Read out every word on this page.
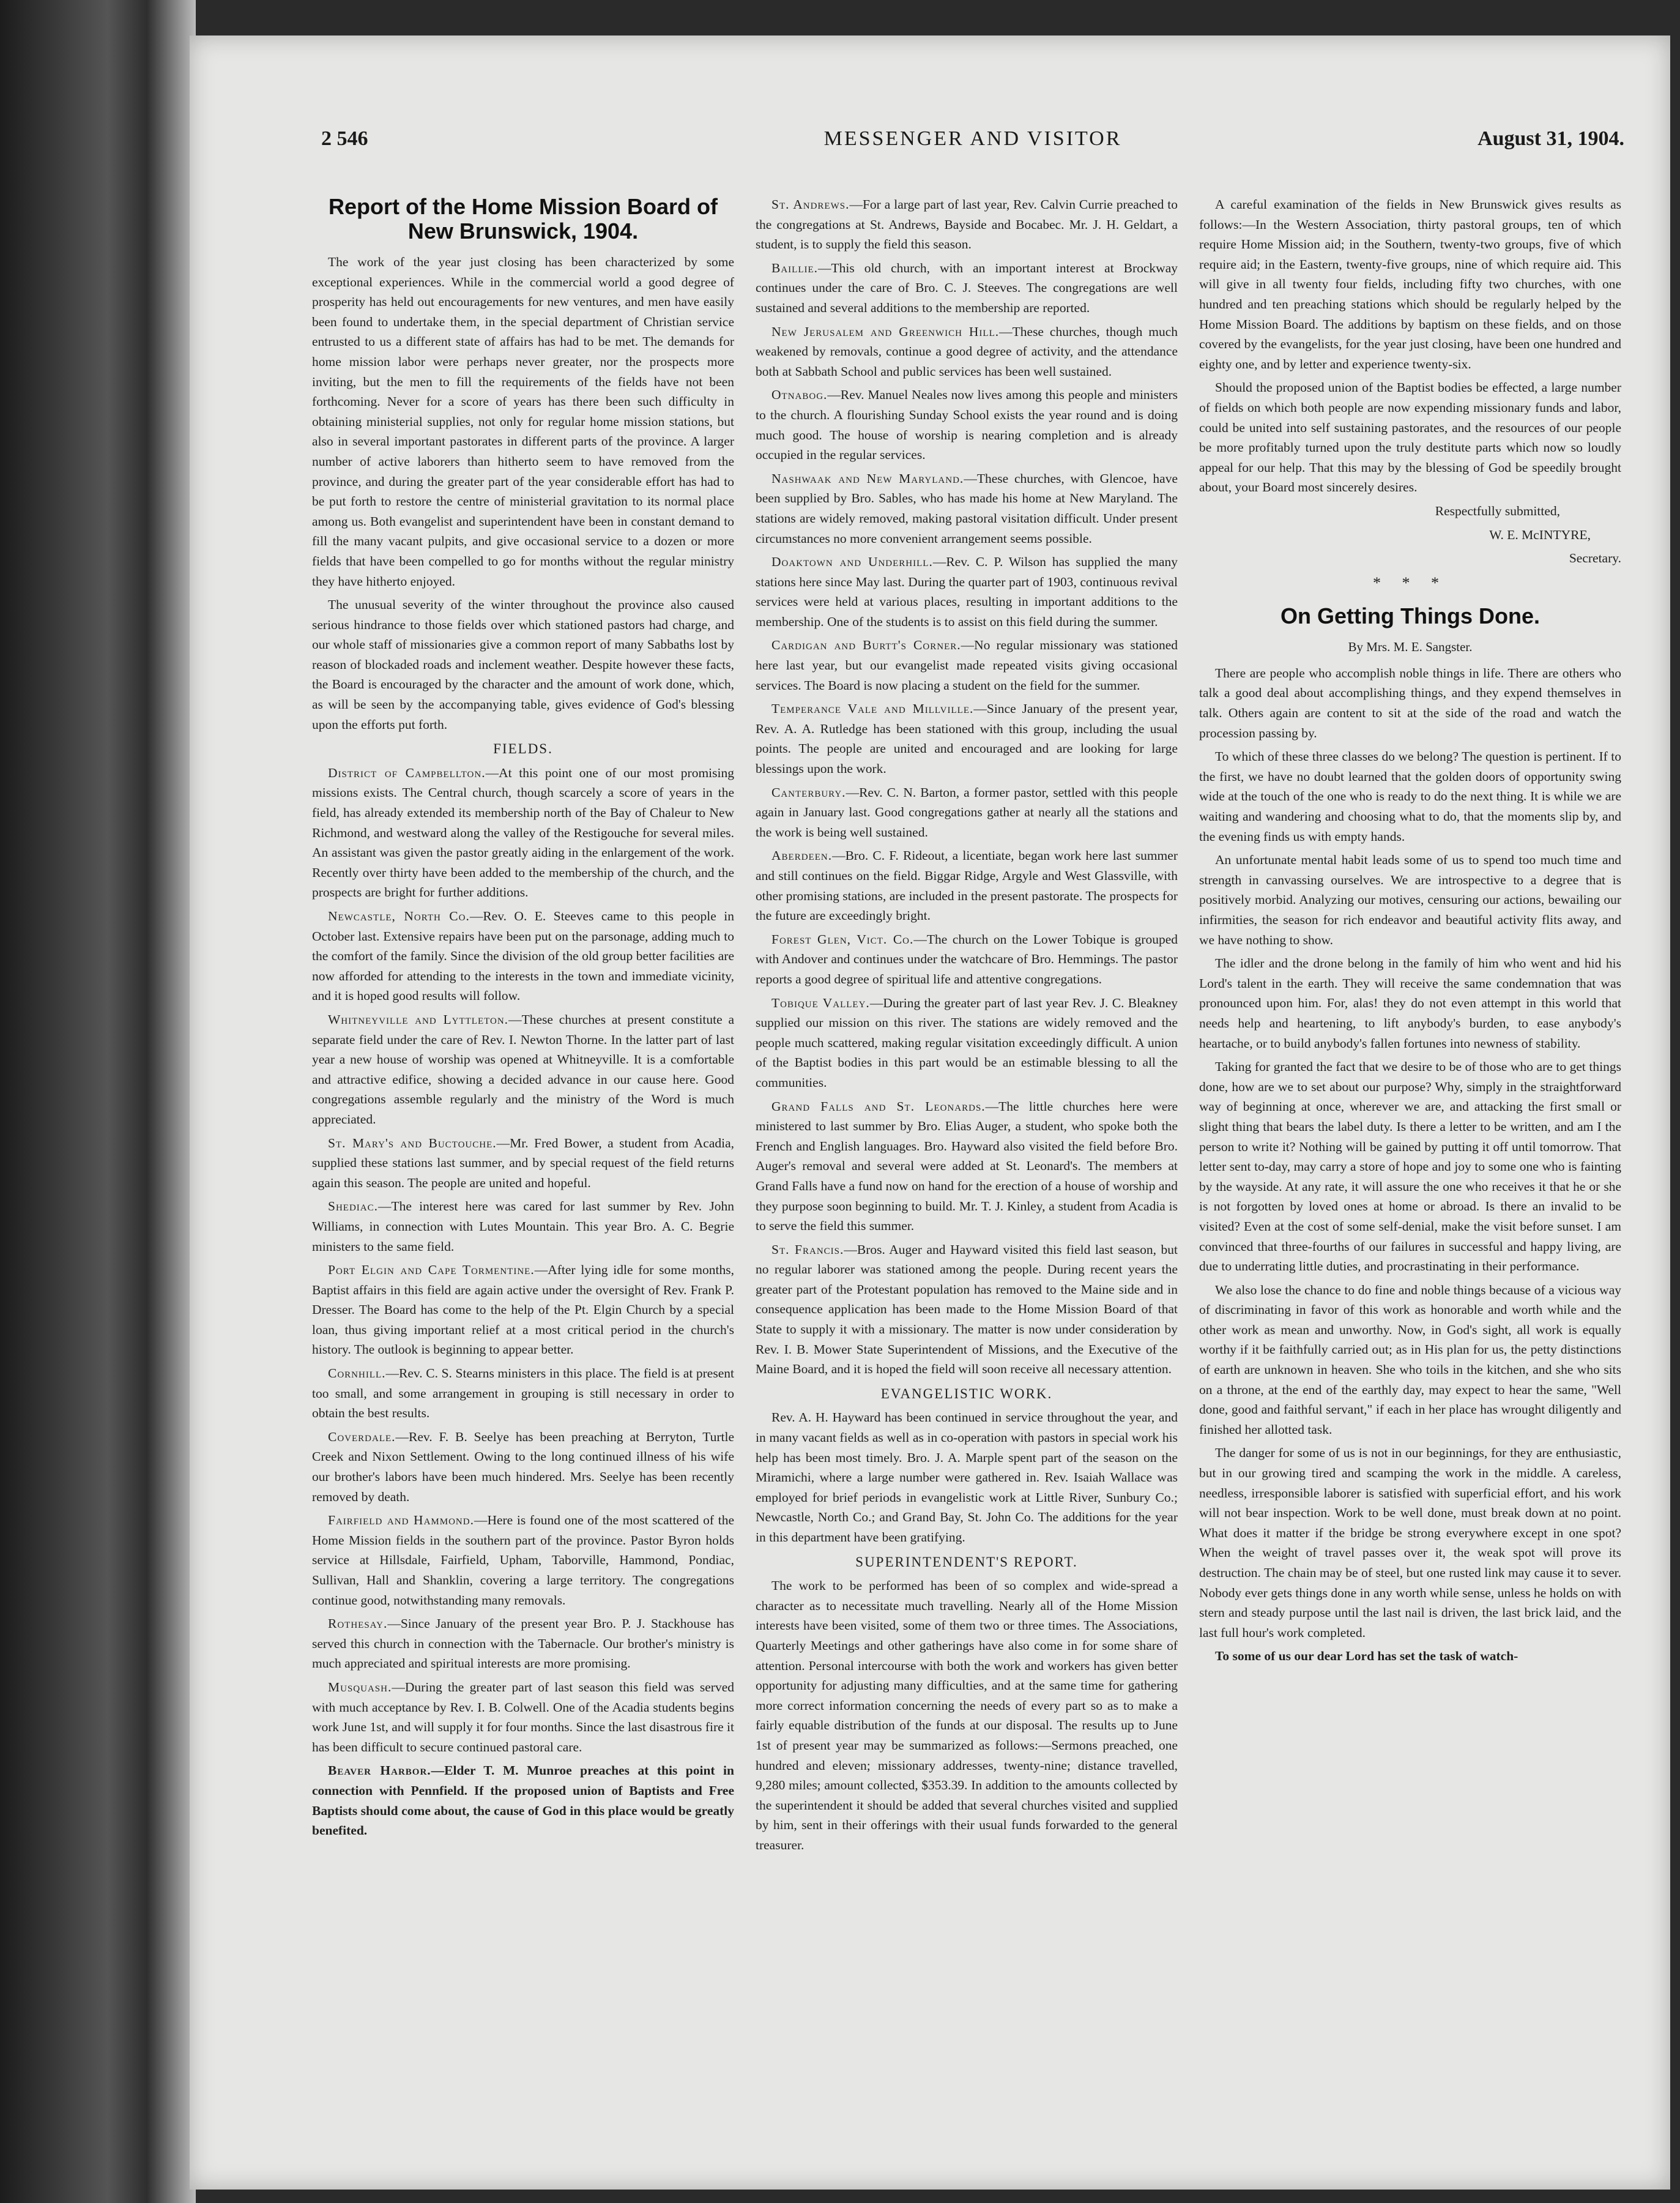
2 546	MESSENGER AND VISITOR	August 31, 1904.
Report of the Home Mission Board of New Brunswick, 1904.

The work of the year just closing has been characterized by some exceptional experiences. While in the commercial world a good degree of prosperity has held out encouragements for new ventures, and men have easily been found to undertake them, in the special department of Christian service entrusted to us a different state of affairs has had to be met. The demands for home mission labor were perhaps never greater, nor the prospects more inviting, but the men to fill the requirements of the fields have not been forthcoming. Never for a score of years has there been such difficulty in obtaining ministerial supplies, not only for regular home mission stations, but also in several important pastorates in different parts of the province. A larger number of active laborers than hitherto seem to have removed from the province, and during the greater part of the year considerable effort has had to be put forth to restore the centre of ministerial gravitation to its normal place among us. Both evangelist and superintendent have been in constant demand to fill the many vacant pulpits, and give occasional service to a dozen or more fields that have been compelled to go for months without the regular ministry they have hitherto enjoyed.

The unusual severity of the winter throughout the province also caused serious hindrance to those fields over which stationed pastors had charge, and our whole staff of missionaries give a common report of many Sabbaths lost by reason of blockaded roads and inclement weather. Despite however these facts, the Board is encouraged by the character and the amount of work done, which, as will be seen by the accompanying table, gives evidence of God's blessing upon the efforts put forth.

FIELDS.

District of Campbellton.—At this point one of our most promising missions exists. The Central church, though scarcely a score of years in the field, has already extended its membership north of the Bay of Chaleur to New Richmond, and westward along the valley of the Restigouche for several miles. An assistant was given the pastor greatly aiding in the enlargement of the work. Recently over thirty have been added to the membership of the church, and the prospects are bright for further additions.

Newcastle, North Co.—Rev. O. E. Steeves came to this people in October last. Extensive repairs have been put on the parsonage, adding much to the comfort of the family. Since the division of the old group better facilities are now afforded for attending to the interests in the town and immediate vicinity, and it is hoped good results will follow.

Whitneyville and Lyttleton.—These churches at present constitute a separate field under the care of Rev. I. Newton Thorne. In the latter part of last year a new house of worship was opened at Whitneyville. It is a comfortable and attractive edifice, showing a decided advance in our cause here. Good congregations assemble regularly and the ministry of the Word is much appreciated.

St. Mary's and Buctouche.—Mr. Fred Bower, a student from Acadia, supplied these stations last summer, and by special request of the field returns again this season. The people are united and hopeful.

Shediac.—The interest here was cared for last summer by Rev. John Williams, in connection with Lutes Mountain. This year Bro. A. C. Begrie ministers to the same field.

Port Elgin and Cape Tormentine.—After lying idle for some months, Baptist affairs in this field are again active under the oversight of Rev. Frank P. Dresser. The Board has come to the help of the Pt. Elgin Church by a special loan, thus giving important relief at a most critical period in the church's history. The outlook is beginning to appear better.

Cornhill.—Rev. C. S. Stearns ministers in this place. The field is at present too small, and some arrangement in grouping is still necessary in order to obtain the best results.

Coverdale.—Rev. F. B. Seelye has been preaching at Berryton, Turtle Creek and Nixon Settlement. Owing to the long continued illness of his wife our brother's labors have been much hindered. Mrs. Seelye has been recently removed by death.

Fairfield and Hammond.—Here is found one of the most scattered of the Home Mission fields in the southern part of the province. Pastor Byron holds service at Hillsdale, Fairfield, Upham, Taborville, Hammond, Pondiac, Sullivan, Hall and Shanklin, covering a large territory. The congregations continue good, notwithstanding many removals.

Rothesay.—Since January of the present year Bro. P. J. Stackhouse has served this church in connection with the Tabernacle. Our brother's ministry is much appreciated and spiritual interests are more promising.

Musquash.—During the greater part of last season this field was served with much acceptance by Rev. I. B. Colwell. One of the Acadia students begins work June 1st, and will supply it for four months. Since the last disastrous fire it has been difficult to secure continued pastoral care.

Beaver Harbor.—Elder T. M. Munroe preaches at this point in connection with Pennfield. If the proposed union of Baptists and Free Baptists should come about, the cause of God in this place would be greatly benefited.

St. Andrews.—For a large part of last year, Rev. Calvin Currie preached to the congregations at St. Andrews, Bayside and Bocabec. Mr. J. H. Geldart, a student, is to supply the field this season.

Baillie.—This old church, with an important interest at Brockway continues under the care of Bro. C. J. Steeves. The congregations are well sustained and several additions to the membership are reported.

New Jerusalem and Greenwich Hill.—These churches, though much weakened by removals, continue a good degree of activity, and the attendance both at Sabbath School and public services has been well sustained.

Otnabog.—Rev. Manuel Neales now lives among this people and ministers to the church. A flourishing Sunday School exists the year round and is doing much good. The house of worship is nearing completion and is already occupied in the regular services.

Nashwaak and New Maryland.—These churches, with Glencoe, have been supplied by Bro. Sables, who has made his home at New Maryland. The stations are widely removed, making pastoral visitation difficult. Under present circumstances no more convenient arrangement seems possible.

Doaktown and Underhill.—Rev. C. P. Wilson has supplied the many stations here since May last. During the quarter part of 1903, continuous revival services were held at various places, resulting in important additions to the membership. One of the students is to assist on this field during the summer.

Cardigan and Burtt's Corner.—No regular missionary was stationed here last year, but our evangelist made repeated visits giving occasional services. The Board is now placing a student on the field for the summer.

Temperance Vale and Millville.—Since January of the present year, Rev. A. A. Rutledge has been stationed with this group, including the usual points. The people are united and encouraged and are looking for large blessings upon the work.

Canterbury.—Rev. C. N. Barton, a former pastor, settled with this people again in January last. Good congregations gather at nearly all the stations and the work is being well sustained.

Aberdeen.—Bro. C. F. Rideout, a licentiate, began work here last summer and still continues on the field. Biggar Ridge, Argyle and West Glassville, with other promising stations, are included in the present pastorate. The prospects for the future are exceedingly bright.

Forest Glen, Vict. Co.—The church on the Lower Tobique is grouped with Andover and continues under the watchcare of Bro. Hemmings. The pastor reports a good degree of spiritual life and attentive congregations.

Tobique Valley.—During the greater part of last year Rev. J. C. Bleakney supplied our mission on this river. The stations are widely removed and the people much scattered, making regular visitation exceedingly difficult. A union of the Baptist bodies in this part would be an estimable blessing to all the communities.

Grand Falls and St. Leonards.—The little churches here were ministered to last summer by Bro. Elias Auger, a student, who spoke both the French and English languages. Bro. Hayward also visited the field before Bro. Auger's removal and several were added at St. Leonard's. The members at Grand Falls have a fund now on hand for the erection of a house of worship and they purpose soon beginning to build. Mr. T. J. Kinley, a student from Acadia is to serve the field this summer.

St. Francis.—Bros. Auger and Hayward visited this field last season, but no regular laborer was stationed among the people. During recent years the greater part of the Protestant population has removed to the Maine side and in consequence application has been made to the Home Mission Board of that State to supply it with a missionary. The matter is now under consideration by Rev. I. B. Mower State Superintendent of Missions, and the Executive of the Maine Board, and it is hoped the field will soon receive all necessary attention.

EVANGELISTIC WORK.

Rev. A. H. Hayward has been continued in service throughout the year, and in many vacant fields as well as in co-operation with pastors in special work his help has been most timely. Bro. J. A. Marple spent part of the season on the Miramichi, where a large number were gathered in. Rev. Isaiah Wallace was employed for brief periods in evangelistic work at Little River, Sunbury Co.; Newcastle, North Co.; and Grand Bay, St. John Co. The additions for the year in this department have been gratifying.

SUPERINTENDENT'S REPORT.

The work to be performed has been of so complex and wide-spread a character as to necessitate much travelling. Nearly all of the Home Mission interests have been visited, some of them two or three times. The Associations, Quarterly Meetings and other gatherings have also come in for some share of attention. Personal intercourse with both the work and workers has given better opportunity for adjusting many difficulties, and at the same time for gathering more correct information concerning the needs of every part so as to make a fairly equable distribution of the funds at our disposal. The results up to June 1st of present year may be summarized as follows:—Sermons preached, one hundred and eleven; missionary addresses, twenty-nine; distance travelled, 9,280 miles; amount collected, $353.39. In addition to the amounts collected by the superintendent it should be added that several churches visited and supplied by him, sent in their offerings with their usual funds forwarded to the general treasurer.

A careful examination of the fields in New Brunswick gives results as follows:—In the Western Association, thirty pastoral groups, ten of which require Home Mission aid; in the Southern, twenty-two groups, five of which require aid; in the Eastern, twenty-five groups, nine of which require aid. This will give in all twenty four fields, including fifty two churches, with one hundred and ten preaching stations which should be regularly helped by the Home Mission Board. The additions by baptism on these fields, and on those covered by the evangelists, for the year just closing, have been one hundred and eighty one, and by letter and experience twenty-six.

Should the proposed union of the Baptist bodies be effected, a large number of fields on which both people are now expending missionary funds and labor, could be united into self sustaining pastorates, and the resources of our people be more profitably turned upon the truly destitute parts which now so loudly appeal for our help. That this may by the blessing of God be speedily brought about, your Board most sincerely desires.

Respectfully submitted,

W. E. McINTYRE,

Secretary.

* * *
On Getting Things Done.
By Mrs. M. E. Sangster.

There are people who accomplish noble things in life. There are others who talk a good deal about accomplishing things, and they expend themselves in talk. Others again are content to sit at the side of the road and watch the procession passing by.

To which of these three classes do we belong? The question is pertinent. If to the first, we have no doubt learned that the golden doors of opportunity swing wide at the touch of the one who is ready to do the next thing. It is while we are waiting and wandering and choosing what to do, that the moments slip by, and the evening finds us with empty hands.

An unfortunate mental habit leads some of us to spend too much time and strength in canvassing ourselves. We are introspective to a degree that is positively morbid. Analyzing our motives, censuring our actions, bewailing our infirmities, the season for rich endeavor and beautiful activity flits away, and we have nothing to show.

The idler and the drone belong in the family of him who went and hid his Lord's talent in the earth. They will receive the same condemnation that was pronounced upon him. For, alas! they do not even attempt in this world that needs help and heartening, to lift anybody's burden, to ease anybody's heartache, or to build anybody's fallen fortunes into newness of stability.

Taking for granted the fact that we desire to be of those who are to get things done, how are we to set about our purpose? Why, simply in the straightforward way of beginning at once, wherever we are, and attacking the first small or slight thing that bears the label duty. Is there a letter to be written, and am I the person to write it? Nothing will be gained by putting it off until tomorrow. That letter sent to-day, may carry a store of hope and joy to some one who is fainting by the wayside. At any rate, it will assure the one who receives it that he or she is not forgotten by loved ones at home or abroad. Is there an invalid to be visited? Even at the cost of some self-denial, make the visit before sunset. I am convinced that three-fourths of our failures in successful and happy living, are due to underrating little duties, and procrastinating in their performance.

We also lose the chance to do fine and noble things because of a vicious way of discriminating in favor of this work as honorable and worth while and the other work as mean and unworthy. Now, in God's sight, all work is equally worthy if it be faithfully carried out; as in His plan for us, the petty distinctions of earth are unknown in heaven. She who toils in the kitchen, and she who sits on a throne, at the end of the earthly day, may expect to hear the same, "Well done, good and faithful servant," if each in her place has wrought diligently and finished her allotted task.

The danger for some of us is not in our beginnings, for they are enthusiastic, but in our growing tired and scamping the work in the middle. A careless, needless, irresponsible laborer is satisfied with superficial effort, and his work will not bear inspection. Work to be well done, must break down at no point. What does it matter if the bridge be strong everywhere except in one spot? When the weight of travel passes over it, the weak spot will prove its destruction. The chain may be of steel, but one rusted link may cause it to sever. Nobody ever gets things done in any worth while sense, unless he holds on with stern and steady purpose until the last nail is driven, the last brick laid, and the last full hour's work completed.

To some of us our dear Lord has set the task of watch-
